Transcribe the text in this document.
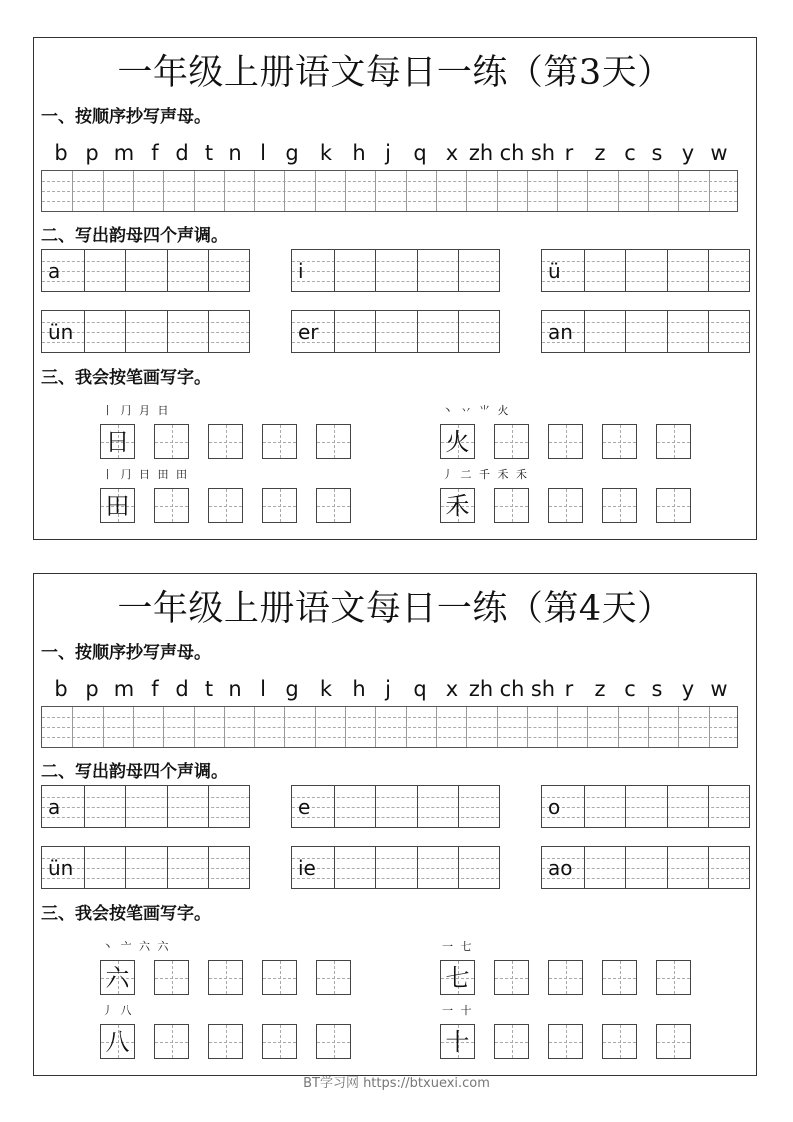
一年级上册语文每日一练（第3天）
一、按顺序抄写声母。
b p m f d t n l g k h j q x zh ch sh r z c s y w
二、写出韵母四个声调。
a	i	ü
ün	er	an
三、我会按笔画写字。
丨 ⺆ 月 日
日
丶 丷 ⺌ 火
火
丨 ⺆ 日 田 田
田
丿 二 千 禾 禾
禾
一年级上册语文每日一练（第4天）
一、按顺序抄写声母。
b p m f d t n l g k h j q x zh ch sh r z c s y w
二、写出韵母四个声调。
a	e	o
ün	ie	ao
三、我会按笔画写字。
丶 亠 六 六
六
一 七
七
丿 八
八
一 十
十
BT学习网 https://btxuexi.com
